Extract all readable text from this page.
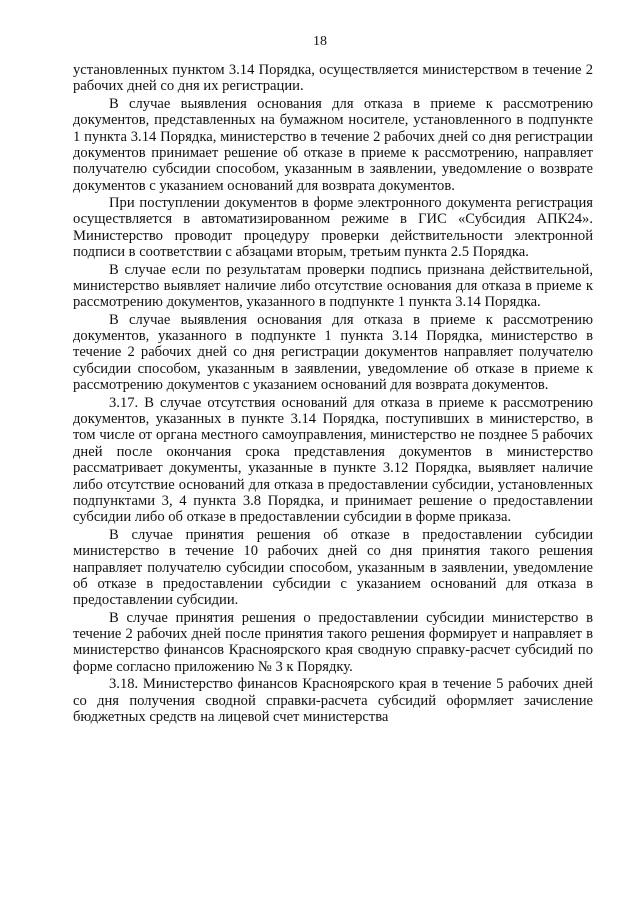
18

установленных пунктом 3.14 Порядка, осуществляется министерством в течение 2 рабочих дней со дня их регистрации.

В случае выявления основания для отказа в приеме к рассмотрению документов, представленных на бумажном носителе, установленного в подпункте 1 пункта 3.14 Порядка, министерство в течение 2 рабочих дней со дня регистрации документов принимает решение об отказе в приеме к рассмотрению, направляет получателю субсидии способом, указанным в заявлении, уведомление о возврате документов с указанием оснований для возврата документов.

При поступлении документов в форме электронного документа регистрация осуществляется в автоматизированном режиме в ГИС «Субсидия АПК24». Министерство проводит процедуру проверки действительности электронной подписи в соответствии с абзацами вторым, третьим пункта 2.5 Порядка.

В случае если по результатам проверки подпись признана действительной, министерство выявляет наличие либо отсутствие основания для отказа в приеме к рассмотрению документов, указанного в подпункте 1 пункта 3.14 Порядка.

В случае выявления основания для отказа в приеме к рассмотрению документов, указанного в подпункте 1 пункта 3.14 Порядка, министерство в течение 2 рабочих дней со дня регистрации документов направляет получателю субсидии способом, указанным в заявлении, уведомление об отказе в приеме к рассмотрению документов с указанием оснований для возврата документов.

3.17. В случае отсутствия оснований для отказа в приеме к рассмотрению документов, указанных в пункте 3.14 Порядка, поступивших в министерство, в том числе от органа местного самоуправления, министерство не позднее 5 рабочих дней после окончания срока представления документов в министерство рассматривает документы, указанные в пункте 3.12 Порядка, выявляет наличие либо отсутствие оснований для отказа в предоставлении субсидии, установленных подпунктами 3, 4 пункта 3.8 Порядка, и принимает решение о предоставлении субсидии либо об отказе в предоставлении субсидии в форме приказа.

В случае принятия решения об отказе в предоставлении субсидии министерство в течение 10 рабочих дней со дня принятия такого решения направляет получателю субсидии способом, указанным в заявлении, уведомление об отказе в предоставлении субсидии с указанием оснований для отказа в предоставлении субсидии.

В случае принятия решения о предоставлении субсидии министерство в течение 2 рабочих дней после принятия такого решения формирует и направляет в министерство финансов Красноярского края сводную справку-расчет субсидий по форме согласно приложению № 3 к Порядку.

3.18. Министерство финансов Красноярского края в течение 5 рабочих дней со дня получения сводной справки-расчета субсидий оформляет зачисление бюджетных средств на лицевой счет министерства
